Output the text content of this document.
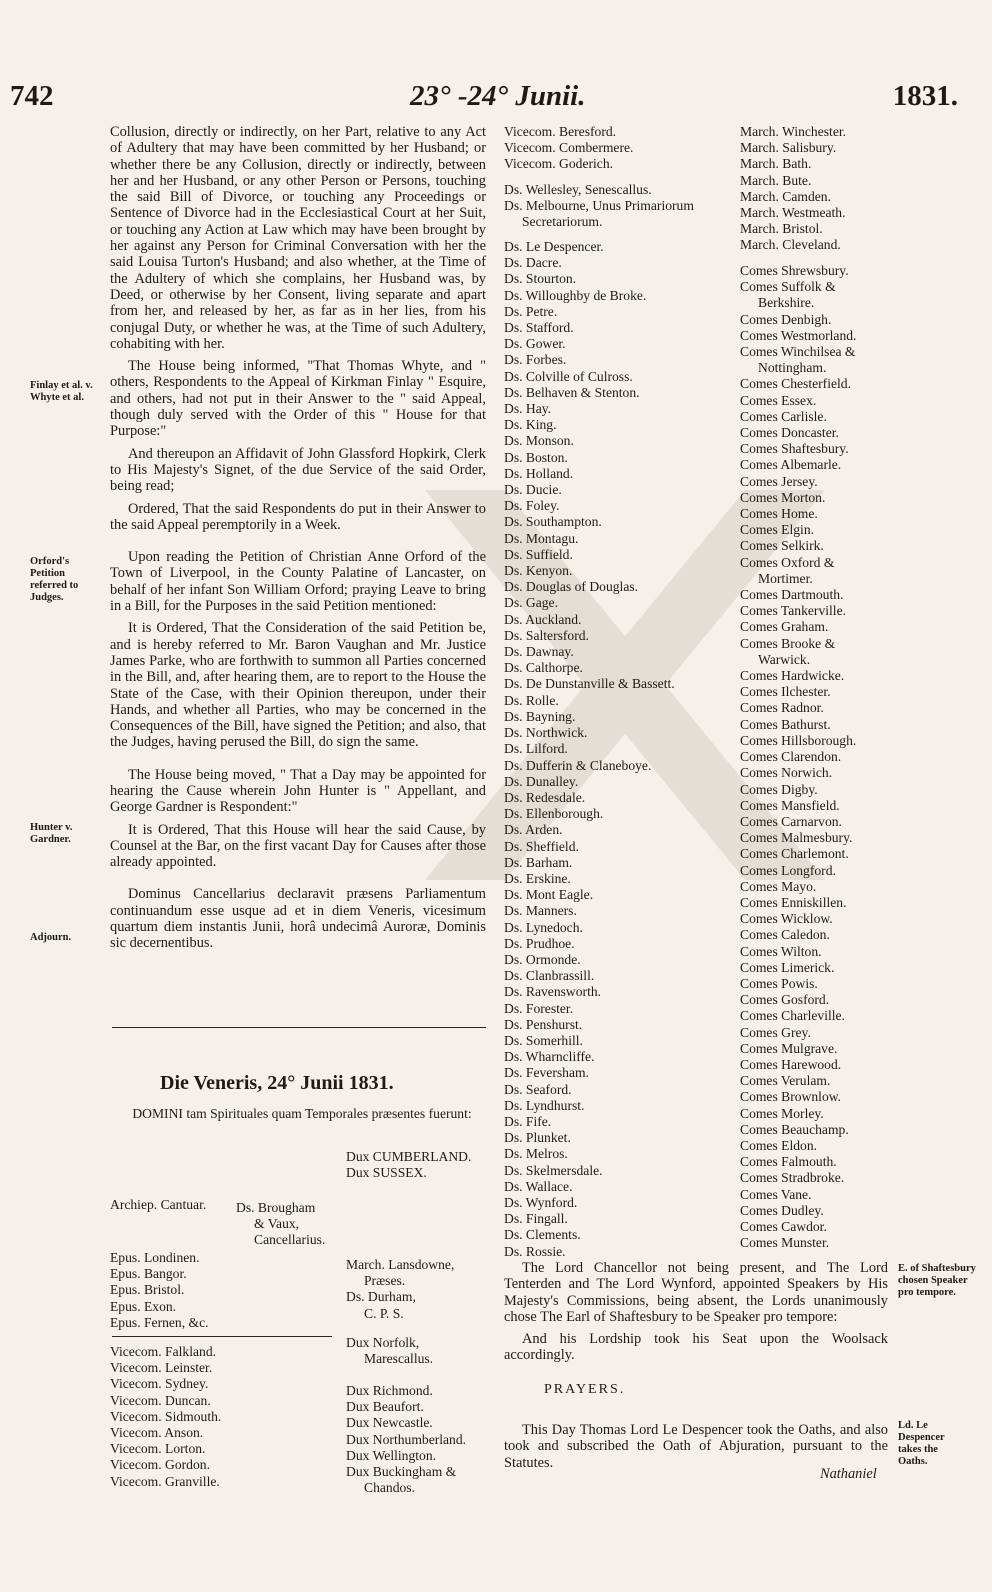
742	23° -24° Junii.	1831.
Finlay et al. v. Whyte et al.
Orford's Petition referred to Judges.
Hunter v. Gardner.
Adjourn.
E. of Shaftesbury chosen Speaker pro tempore.
Ld. Le Despencer takes the Oaths.

Collusion, directly or indirectly, on her Part, relative to any Act of Adultery that may have been committed by her Husband; or whether there be any Collusion, directly or indirectly, between her and her Husband, or any other Person or Persons, touching the said Bill of Divorce, or touching any Proceedings or Sentence of Divorce had in the Ecclesiastical Court at her Suit, or touching any Action at Law which may have been brought by her against any Person for Criminal Conversation with her the said Louisa Turton's Husband; and also whether, at the Time of the Adultery of which she complains, her Husband was, by Deed, or otherwise by her Consent, living separate and apart from her, and released by her, as far as in her lies, from his conjugal Duty, or whether he was, at the Time of such Adultery, cohabiting with her.

The House being informed, "That Thomas Whyte, and " others, Respondents to the Appeal of Kirkman Finlay " Esquire, and others, had not put in their Answer to the " said Appeal, though duly served with the Order of this " House for that Purpose:"

And thereupon an Affidavit of John Glassford Hopkirk, Clerk to His Majesty's Signet, of the due Service of the said Order, being read;

Ordered, That the said Respondents do put in their Answer to the said Appeal peremptorily in a Week.

Upon reading the Petition of Christian Anne Orford of the Town of Liverpool, in the County Palatine of Lancaster, on behalf of her infant Son William Orford; praying Leave to bring in a Bill, for the Purposes in the said Petition mentioned:

It is Ordered, That the Consideration of the said Petition be, and is hereby referred to Mr. Baron Vaughan and Mr. Justice James Parke, who are forthwith to summon all Parties concerned in the Bill, and, after hearing them, are to report to the House the State of the Case, with their Opinion thereupon, under their Hands, and whether all Parties, who may be concerned in the Consequences of the Bill, have signed the Petition; and also, that the Judges, having perused the Bill, do sign the same.

The House being moved, " That a Day may be appointed for hearing the Cause wherein John Hunter is " Appellant, and George Gardner is Respondent:"

It is Ordered, That this House will hear the said Cause, by Counsel at the Bar, on the first vacant Day for Causes after those already appointed.

Dominus Cancellarius declaravit præsens Parliamentum continuandum esse usque ad et in diem Veneris, vicesimum quartum diem instantis Junii, horâ undecimâ Auroræ, Dominis sic decernentibus.

Die Veneris, 24° Junii 1831.
DOMINI tam Spirituales quam Temporales præsentes fuerunt:
Dux CUMBERLAND.
Dux SUSSEX.
Archiep. Cantuar. Ds. Brougham
& Vaux,
Cancellarius.
Epus. Londinen.
Epus. Bangor.
Epus. Bristol.
Epus. Exon.
Epus. Fernen, &c.
March. Lansdowne,
Præses.
Ds. Durham,
C. P. S.
Vicecom. Falkland.
Vicecom. Leinster.
Vicecom. Sydney.
Vicecom. Duncan.
Vicecom. Sidmouth.
Vicecom. Anson.
Vicecom. Lorton.
Vicecom. Gordon.
Vicecom. Granville.
Dux Norfolk,
Marescallus.
Dux Richmond.
Dux Beaufort.
Dux Newcastle.
Dux Northumberland.
Dux Wellington.
Dux Buckingham &
Chandos.
Vicecom. Beresford.
Vicecom. Combermere.
Vicecom. Goderich.
Ds. Wellesley, Senescallus.
Ds. Melbourne, Unus Primariorum
Secretariorum.
Ds. Le Despencer.
Ds. Dacre.
Ds. Stourton.
Ds. Willoughby de Broke.
Ds. Petre.
Ds. Stafford.
Ds. Gower.
Ds. Forbes.
Ds. Colville of Culross.
Ds. Belhaven & Stenton.
Ds. Hay.
Ds. King.
Ds. Monson.
Ds. Boston.
Ds. Holland.
Ds. Ducie.
Ds. Foley.
Ds. Southampton.
Ds. Montagu.
Ds. Suffield.
Ds. Kenyon.
Ds. Douglas of Douglas.
Ds. Gage.
Ds. Auckland.
Ds. Saltersford.
Ds. Dawnay.
Ds. Calthorpe.
Ds. De Dunstanville & Bassett.
Ds. Rolle.
Ds. Bayning.
Ds. Northwick.
Ds. Lilford.
Ds. Dufferin & Claneboye.
Ds. Dunalley.
Ds. Redesdale.
Ds. Ellenborough.
Ds. Arden.
Ds. Sheffield.
Ds. Barham.
Ds. Erskine.
Ds. Mont Eagle.
Ds. Manners.
Ds. Lynedoch.
Ds. Prudhoe.
Ds. Ormonde.
Ds. Clanbrassill.
Ds. Ravensworth.
Ds. Forester.
Ds. Penshurst.
Ds. Somerhill.
Ds. Wharncliffe.
Ds. Feversham.
Ds. Seaford.
Ds. Lyndhurst.
Ds. Fife.
Ds. Plunket.
Ds. Melros.
Ds. Skelmersdale.
Ds. Wallace.
Ds. Wynford.
Ds. Fingall.
Ds. Clements.
Ds. Rossie.
March. Winchester.
March. Salisbury.
March. Bath.
March. Bute.
March. Camden.
March. Westmeath.
March. Bristol.
March. Cleveland.
Comes Shrewsbury.
Comes Suffolk &
Berkshire.
Comes Denbigh.
Comes Westmorland.
Comes Winchilsea &
Nottingham.
Comes Chesterfield.
Comes Essex.
Comes Carlisle.
Comes Doncaster.
Comes Shaftesbury.
Comes Albemarle.
Comes Jersey.
Comes Morton.
Comes Home.
Comes Elgin.
Comes Selkirk.
Comes Oxford &
Mortimer.
Comes Dartmouth.
Comes Tankerville.
Comes Graham.
Comes Brooke &
Warwick.
Comes Hardwicke.
Comes Ilchester.
Comes Radnor.
Comes Bathurst.
Comes Hillsborough.
Comes Clarendon.
Comes Norwich.
Comes Digby.
Comes Mansfield.
Comes Carnarvon.
Comes Malmesbury.
Comes Charlemont.
Comes Longford.
Comes Mayo.
Comes Enniskillen.
Comes Wicklow.
Comes Caledon.
Comes Wilton.
Comes Limerick.
Comes Powis.
Comes Gosford.
Comes Charleville.
Comes Grey.
Comes Mulgrave.
Comes Harewood.
Comes Verulam.
Comes Brownlow.
Comes Morley.
Comes Beauchamp.
Comes Eldon.
Comes Falmouth.
Comes Stradbroke.
Comes Vane.
Comes Dudley.
Comes Cawdor.
Comes Munster.

The Lord Chancellor not being present, and The Lord Tenterden and The Lord Wynford, appointed Speakers by His Majesty's Commissions, being absent, the Lords unanimously chose The Earl of Shaftesbury to be Speaker pro tempore:

And his Lordship took his Seat upon the Woolsack accordingly.

PRAYERS.

This Day Thomas Lord Le Despencer took the Oaths, and also took and subscribed the Oath of Abjuration, pursuant to the Statutes.

Nathaniel
